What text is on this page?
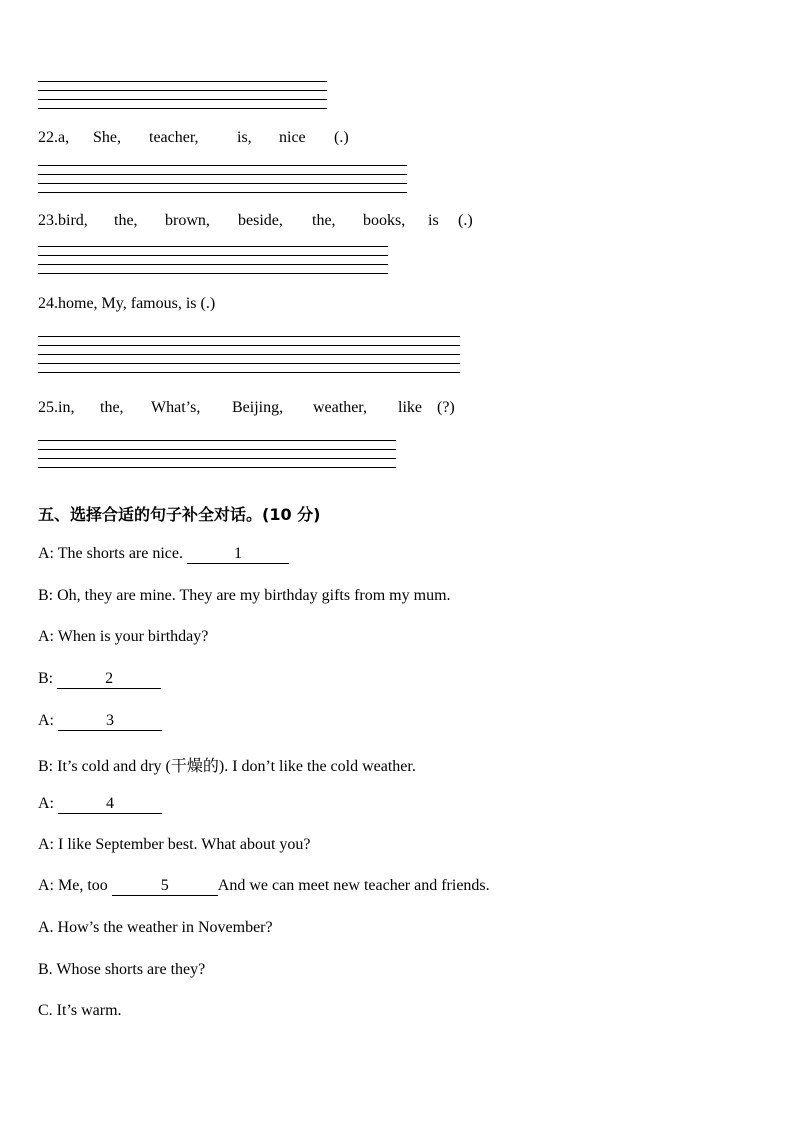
22.a, She, teacher, is, nice (.)
23.bird, the, brown, beside, the, books, is (.)
24.home, My, famous, is (.)
25.in, the, What’s, Beijing, weather, like (?)
五、选择合适的句子补全对话。(10 分)
A: The shorts are nice.	1
B: Oh, they are mine. They are my birthday gifts from my mum.
A: When is your birthday?
B:	2
A:	3
B: It’s cold and dry (干燥的). I don’t like the cold weather.
A:	4
A: I like September best. What about you?
A: Me, too	5	And we can meet new teacher and friends.
A. How’s the weather in November?
B. Whose shorts are they?
C. It’s warm.
